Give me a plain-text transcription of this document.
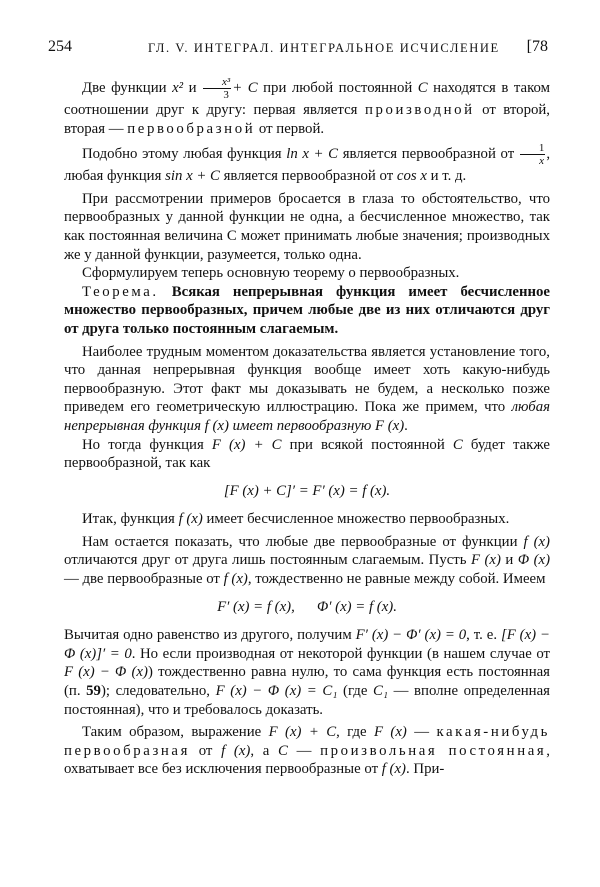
254	ГЛ. V. ИНТЕГРАЛ. ИНТЕГРАЛЬНОЕ ИСЧИСЛЕНИЕ [78

Две функции x² и $\frac{\text{x³}}{3} + C$ при любой постоянной C находятся в таком соотношении друг к другу: первая является производной от второй, вторая — первообразной от первой.

Подобно этому любая функция ln x + C является первообразной от $\frac{1}{x}$ , любая функция sin x + C является первообразной от cos x и т. д.

При рассмотрении примеров бросается в глаза то обстоятельство, что первообразных у данной функции не одна, а бесчисленное множество, так как постоянная величина C может принимать любые значения; производных же у данной функции, разумеется, только одна.

Сформулируем теперь основную теорему о первообразных.

Теорема. Всякая непрерывная функция имеет бесчисленное множество первообразных, причем любые две из них отличаются друг от друга только постоянным слагаемым.

Наиболее трудным моментом доказательства является установление того, что данная непрерывная функция вообще имеет хоть какую-нибудь первообразную. Этот факт мы доказывать не будем, а несколько позже приведем его геометрическую иллюстрацию. Пока же примем, что любая непрерывная функция f (x) имеет первообразную F (x).

Но тогда функция F (x) + C при всякой постоянной C будет также первообразной, так как

[F (x) + C]′ = F′ (x) = f (x).

Итак, функция f (x) имеет бесчисленное множество первообразных.

Нам остается показать, что любые две первообразные от функции f (x) отличаются друг от друга лишь постоянным слагаемым. Пусть F (x) и Φ (x) — две первообразные от f (x), тождественно не равные между собой. Имеем

F′ (x) = f (x), Φ′ (x) = f (x).

Вычитая одно равенство из другого, получим F′ (x) − Φ′ (x) = 0, т. е. [F (x) − Φ (x)]′ = 0. Но если производная от некоторой функции (в нашем случае от F (x) − Φ (x)) тождественно равна нулю, то сама функция есть постоянная (п. 59); следовательно, F (x) − Φ (x) = C₁ (где C₁ — вполне определенная постоянная), что и требовалось доказать.

Таким образом, выражение F (x) + C, где F (x) — какая-нибудь первообразная от f (x), а C — произвольная постоянная, охватывает все без исключения первообразные от f (x). При-
